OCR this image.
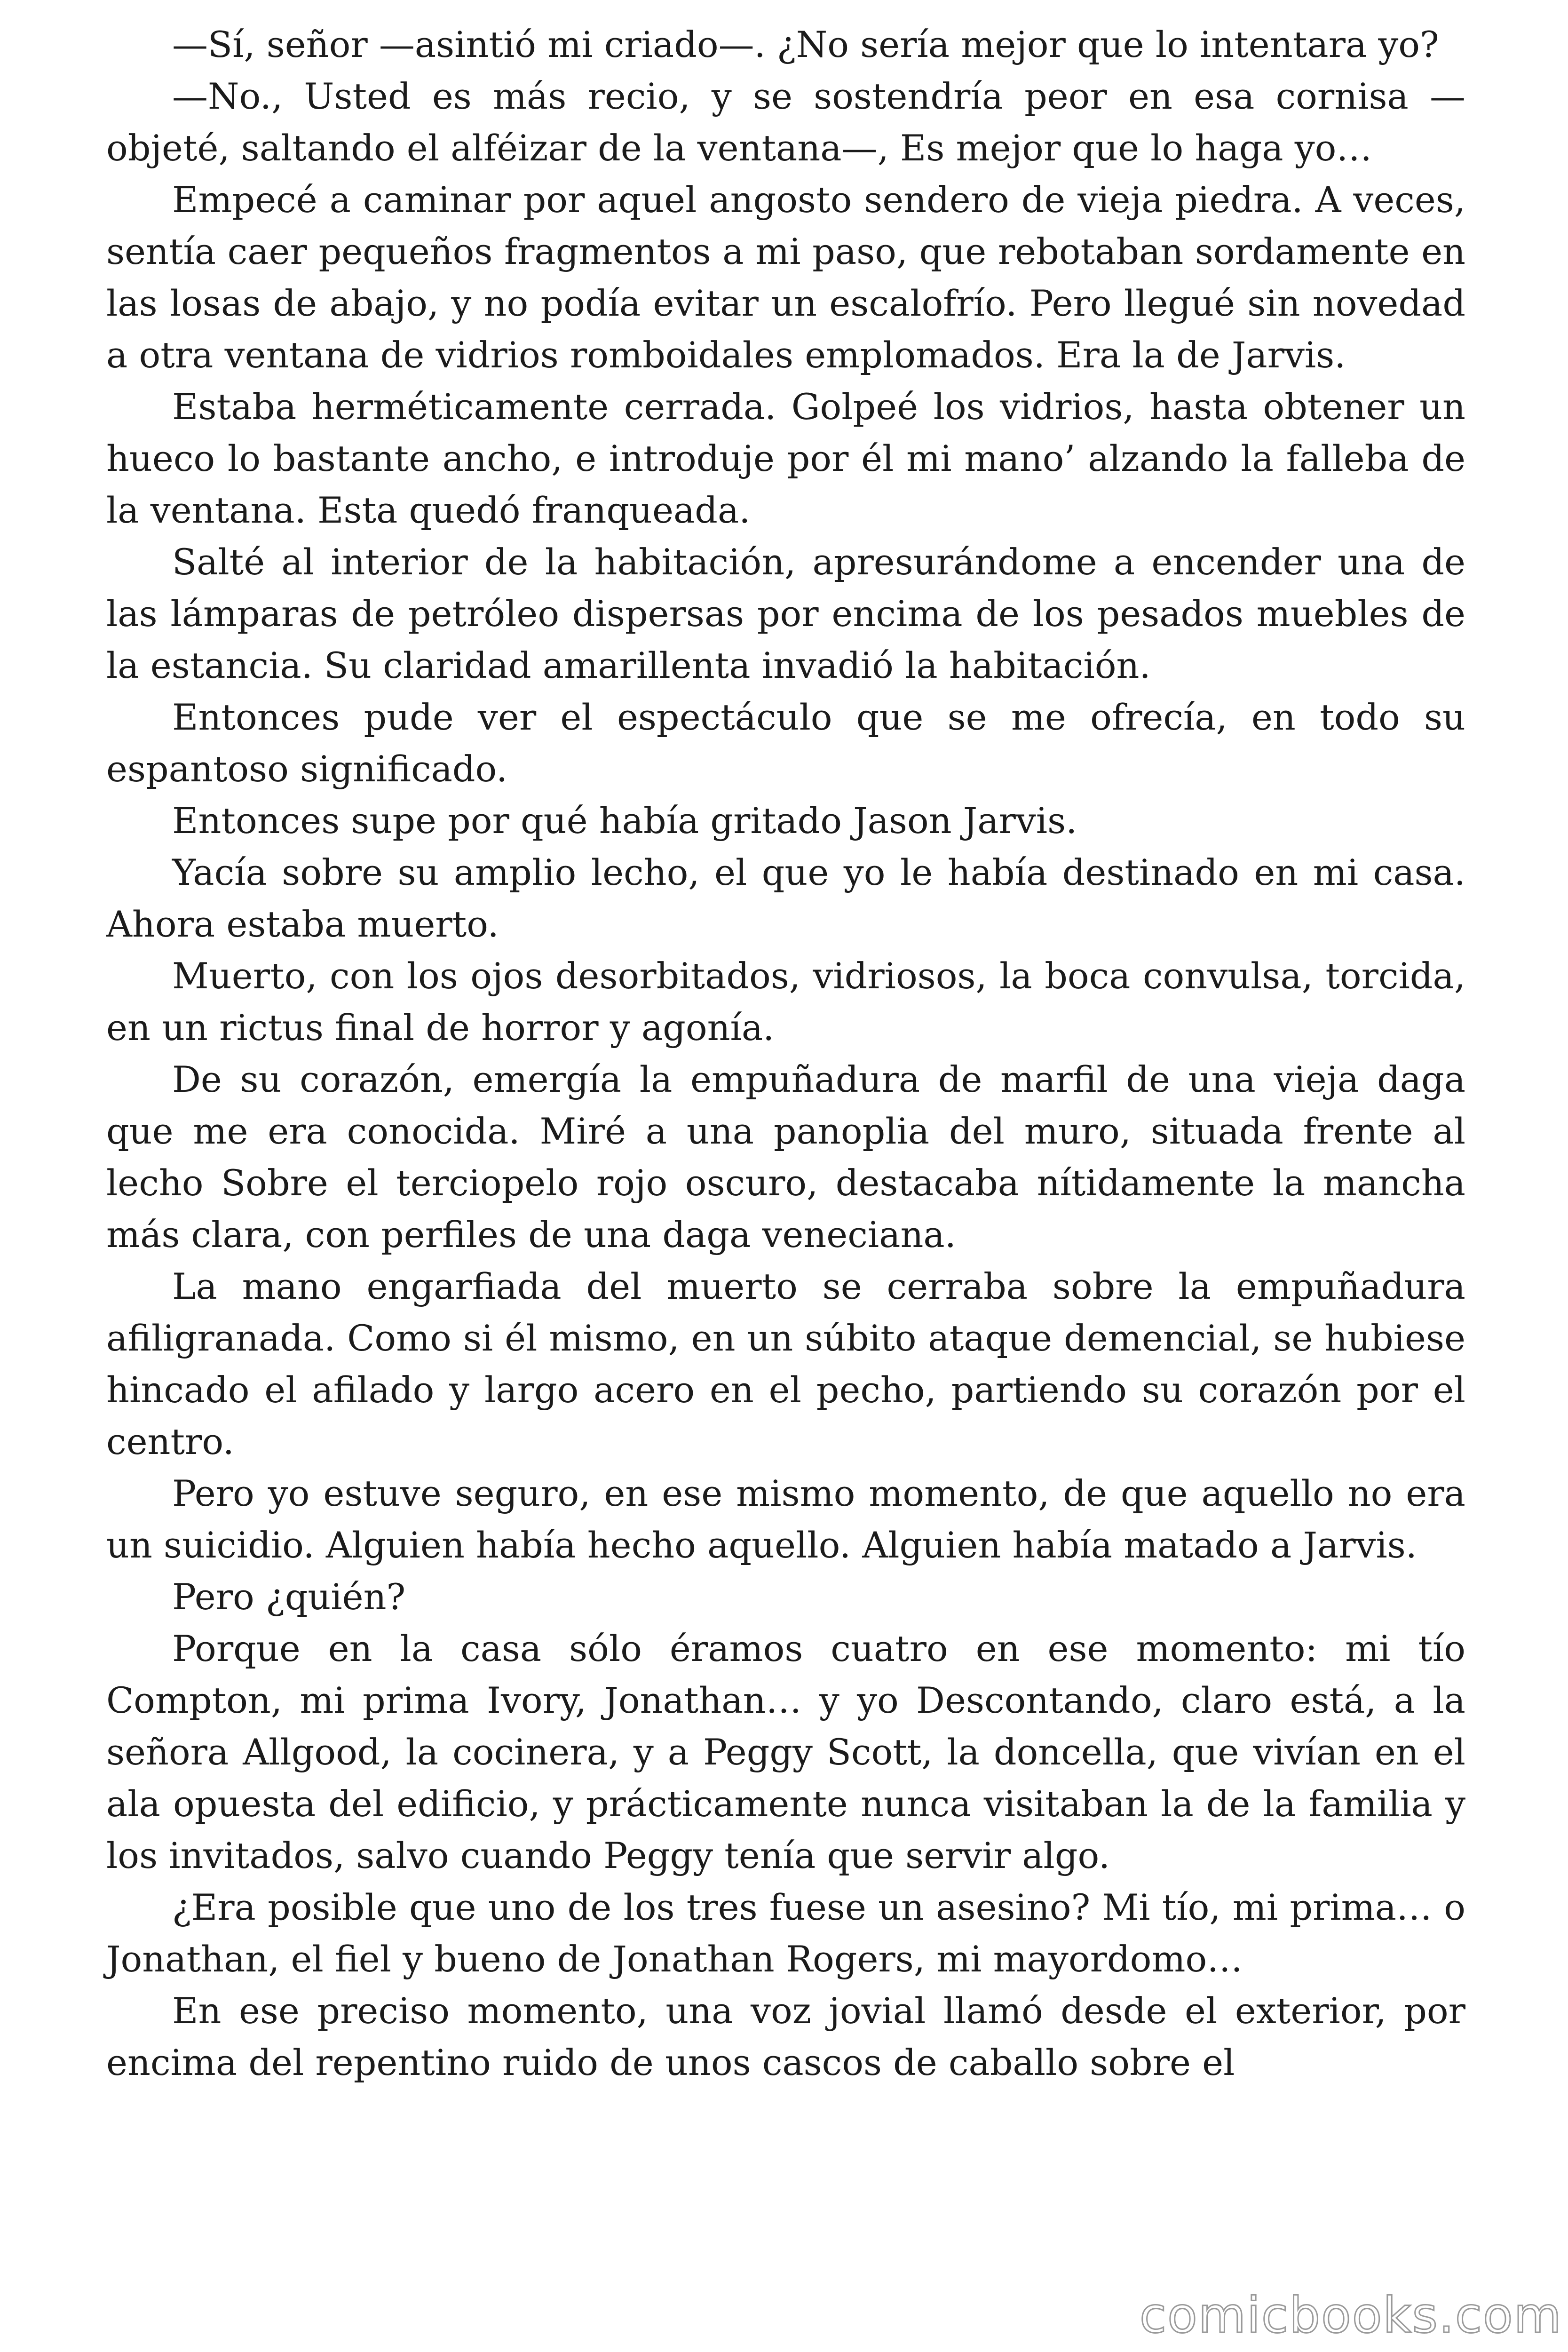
—Sí, señor —asintió mi criado—. ¿No sería mejor que lo intentara yo?

—No., Usted es más recio, y se sostendría peor en esa cornisa — objeté, saltando el alféizar de la ventana—, Es mejor que lo haga yo…

Empecé a caminar por aquel angosto sendero de vieja piedra. A veces, sentía caer pequeños fragmentos a mi paso, que rebotaban sordamente en las losas de abajo, y no podía evitar un escalofrío. Pero llegué sin novedad a otra ventana de vidrios romboidales emplomados. Era la de Jarvis.

Estaba herméticamente cerrada. Golpeé los vidrios, hasta obtener un hueco lo bastante ancho, e introduje por él mi mano’ alzando la falleba de la ventana. Esta quedó franqueada.

Salté al interior de la habitación, apresurándome a encender una de las lámparas de petróleo dispersas por encima de los pesados muebles de la estancia. Su claridad amarillenta invadió la habitación.

Entonces pude ver el espectáculo que se me ofrecía, en todo su espantoso significado.

Entonces supe por qué había gritado Jason Jarvis.

Yacía sobre su amplio lecho, el que yo le había destinado en mi casa. Ahora estaba muerto.

Muerto, con los ojos desorbitados, vidriosos, la boca convulsa, torcida, en un rictus final de horror y agonía.

De su corazón, emergía la empuñadura de marfil de una vieja daga que me era conocida. Miré a una panoplia del muro, situada frente al lecho Sobre el terciopelo rojo oscuro, destacaba nítidamente la mancha más clara, con perfiles de una daga veneciana.

La mano engarfiada del muerto se cerraba sobre la empuñadura afiligranada. Como si él mismo, en un súbito ataque demencial, se hubiese hincado el afilado y largo acero en el pecho, partiendo su corazón por el centro.

Pero yo estuve seguro, en ese mismo momento, de que aquello no era un suicidio. Alguien había hecho aquello. Alguien había matado a Jarvis.

Pero ¿quién?

Porque en la casa sólo éramos cuatro en ese momento: mi tío Compton, mi prima Ivory, Jonathan… y yo Descontando, claro está, a la señora Allgood, la cocinera, y a Peggy Scott, la doncella, que vivían en el ala opuesta del edificio, y prácticamente nunca visitaban la de la familia y los invitados, salvo cuando Peggy tenía que servir algo.

¿Era posible que uno de los tres fuese un asesino? Mi tío, mi prima… o Jonathan, el fiel y bueno de Jonathan Rogers, mi mayordomo…

En ese preciso momento, una voz jovial llamó desde el exterior, por encima del repentino ruido de unos cascos de caballo sobre el

comicbooks.com
